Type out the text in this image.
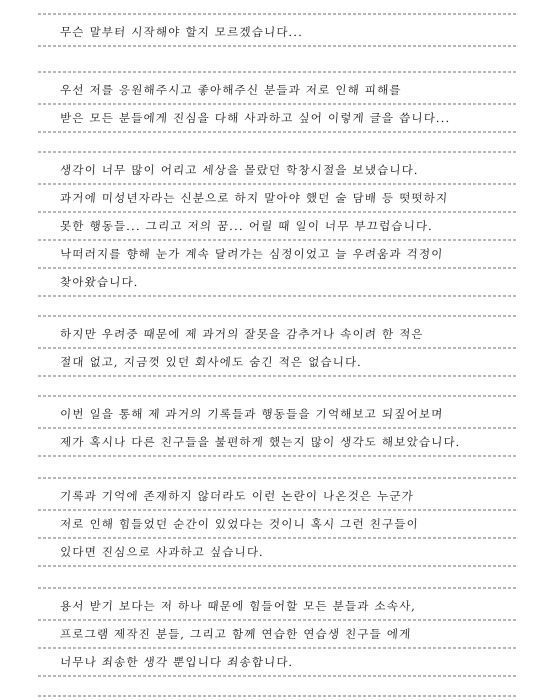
무슨 말부터 시작해야 할지 모르겠습니다...
우선 저를 응원해주시고 좋아해주신 분들과 저로 인해 피해를
받은 모든 분들에게 진심을 다해 사과하고 싶어 이렇게 글을 씁니다...
생각이 너무 많이 어리고 세상을 몰랐던 학창시절을 보냈습니다.
과거에 미성년자라는 신분으로 하지 말아야 했던 술 담배 등 떳떳하지
못한 행동들... 그리고 저의 꿈... 어릴 때 일이 너무 부끄럽습니다.
낙떠러지를 향해 눈가 계속 달려가는 심정이었고 늘 우려움과 걱정이
찾아왔습니다.
하지만 우려중 때문에 제 과거의 잘못을 감추거나 속이려 한 적은
절대 없고, 지금껏 있던 회사에도 숨긴 적은 없습니다.
이번 일을 통해 제 과거의 기록들과 행동들을 기억해보고 되짚어보며
제가 혹시나 다른 친구들을 불편하게 했는지 많이 생각도 해보았습니다.
기록과 기억에 존재하지 않더라도 이런 논란이 나온것은 누군가
저로 인해 힘들었던 순간이 있었다는 것이니 혹시 그런 친구들이
있다면 진심으로 사과하고 싶습니다.
용서 받기 보다는 저 하나 때문에 힘들어할 모든 분들과 소속사,
프로그램 제작진 분들, 그리고 함께 연습한 연습생 친구들 에게
너무나 죄송한 생각 뿐입니다 죄송합니다.
